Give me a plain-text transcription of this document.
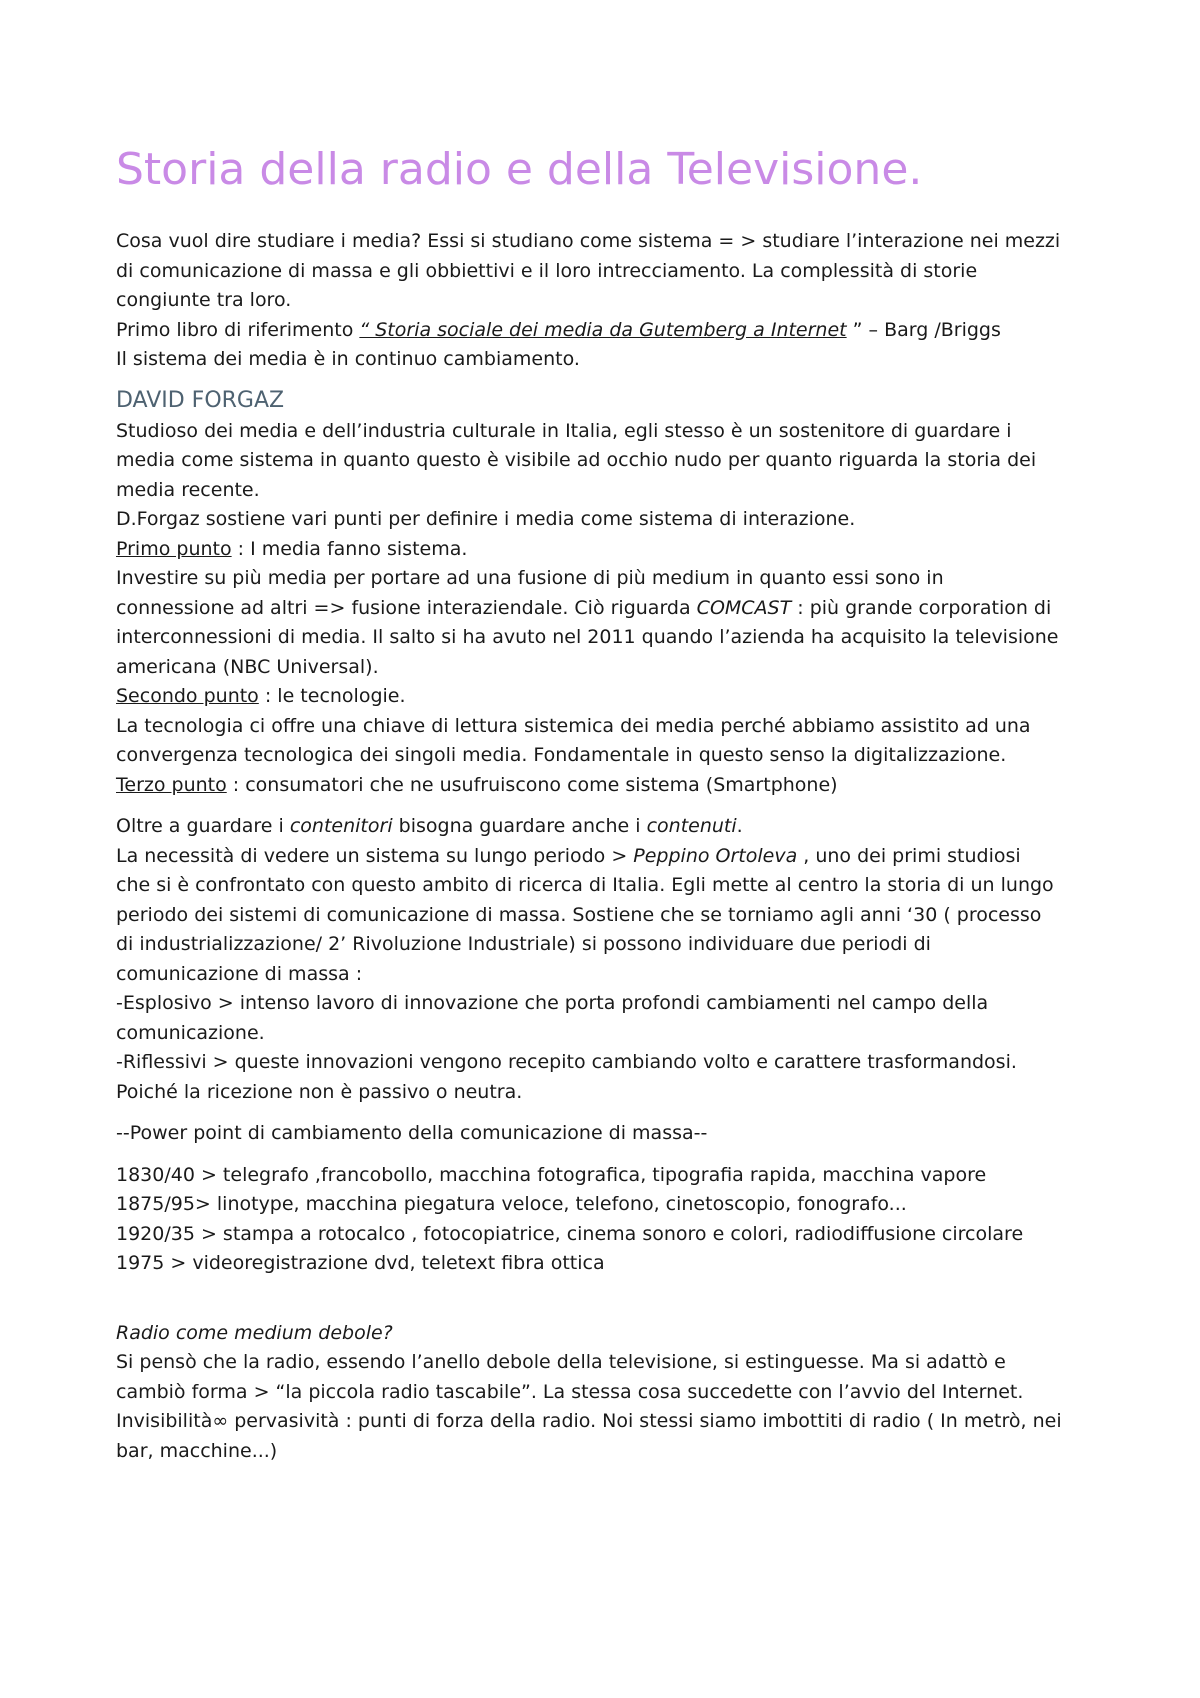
Storia della radio e della Televisione.

Cosa vuol dire studiare i media? Essi si studiano come sistema = > studiare l’interazione nei mezzi
di comunicazione di massa e gli obbiettivi e il loro intrecciamento. La complessità di storie
congiunte tra loro.
Primo libro di riferimento “ Storia sociale dei media da Gutemberg a Internet ” – Barg /Briggs
Il sistema dei media è in continuo cambiamento.

DAVID FORGAZ

Studioso dei media e dell’industria culturale in Italia, egli stesso è un sostenitore di guardare i
media come sistema in quanto questo è visibile ad occhio nudo per quanto riguarda la storia dei
media recente.
D.Forgaz sostiene vari punti per definire i media come sistema di interazione.
Primo punto : I media fanno sistema.
Investire su più media per portare ad una fusione di più medium in quanto essi sono in
connessione ad altri => fusione interaziendale. Ciò riguarda COMCAST : più grande corporation di
interconnessioni di media. Il salto si ha avuto nel 2011 quando l’azienda ha acquisito la televisione
americana (NBC Universal).
Secondo punto : le tecnologie.
La tecnologia ci offre una chiave di lettura sistemica dei media perché abbiamo assistito ad una
convergenza tecnologica dei singoli media. Fondamentale in questo senso la digitalizzazione.
Terzo punto : consumatori che ne usufruiscono come sistema (Smartphone)

Oltre a guardare i contenitori bisogna guardare anche i contenuti.
La necessità di vedere un sistema su lungo periodo > Peppino Ortoleva , uno dei primi studiosi
che si è confrontato con questo ambito di ricerca di Italia. Egli mette al centro la storia di un lungo
periodo dei sistemi di comunicazione di massa. Sostiene che se torniamo agli anni ‘30 ( processo
di industrializzazione/ 2’ Rivoluzione Industriale) si possono individuare due periodi di
comunicazione di massa :
-Esplosivo > intenso lavoro di innovazione che porta profondi cambiamenti nel campo della
comunicazione.
-Riflessivi > queste innovazioni vengono recepito cambiando volto e carattere trasformandosi.
Poiché la ricezione non è passivo o neutra.

--Power point di cambiamento della comunicazione di massa--

1830/40 > telegrafo ,francobollo, macchina fotografica, tipografia rapida, macchina vapore
1875/95> linotype, macchina piegatura veloce, telefono, cinetoscopio, fonografo...
1920/35 > stampa a rotocalco , fotocopiatrice, cinema sonoro e colori, radiodiffusione circolare
1975 > videoregistrazione dvd, teletext fibra ottica

Radio come medium debole?
Si pensò che la radio, essendo l’anello debole della televisione, si estinguesse. Ma si adattò e
cambiò forma > “la piccola radio tascabile”. La stessa cosa succedette con l’avvio del Internet.
Invisibilità∞ pervasività : punti di forza della radio. Noi stessi siamo imbottiti di radio ( In metrò, nei
bar, macchine...)
